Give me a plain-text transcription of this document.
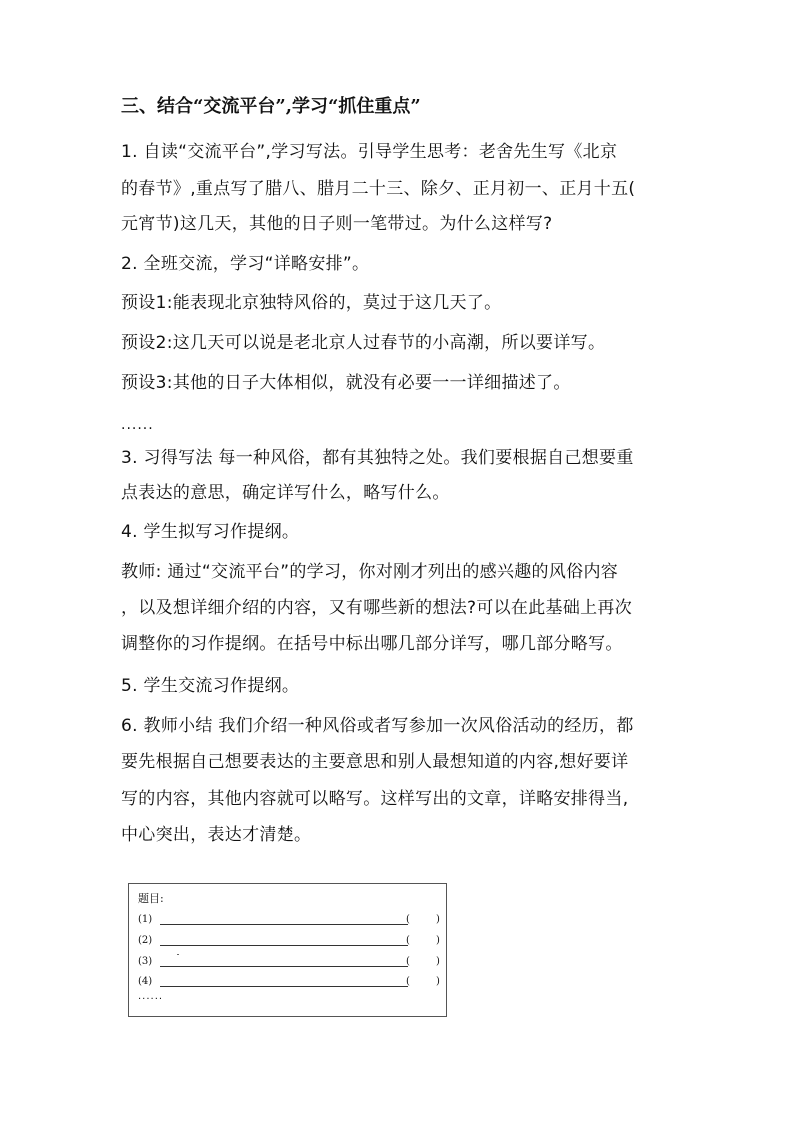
三、结合“交流平台”,学习“抓住重点”
1. 自读“交流平台”,学习写法。引导学生思考：老舍先生写《北京
的春节》,重点写了腊八、腊月二十三、除夕、正月初一、正月十五(
元宵节)这几天，其他的日子则一笔带过。为什么这样写?
2. 全班交流，学习“详略安排”。
预设1:能表现北京独特风俗的，莫过于这几天了。
预设2:这几天可以说是老北京人过春节的小高潮，所以要详写。
预设3:其他的日子大体相似，就没有必要一一详细描述了。
......
3. 习得写法 每一种风俗，都有其独特之处。我们要根据自己想要重
点表达的意思，确定详写什么，略写什么。
4. 学生拟写习作提纲。
教师: 通过“交流平台”的学习，你对刚才列出的感兴趣的风俗内容
，以及想详细介绍的内容，又有哪些新的想法?可以在此基础上再次
调整你的习作提纲。在括号中标出哪几部分详写，哪几部分略写。
5. 学生交流习作提纲。
6. 教师小结 我们介绍一种风俗或者写参加一次风俗活动的经历，都
要先根据自己想要表达的主要意思和别人最想知道的内容,想好要详
写的内容，其他内容就可以略写。这样写出的文章，详略安排得当,
中心突出，表达才清楚。
题目:
(1)	(	)
(2)	(	)
(3)	(	)
(4)	(	)
......
